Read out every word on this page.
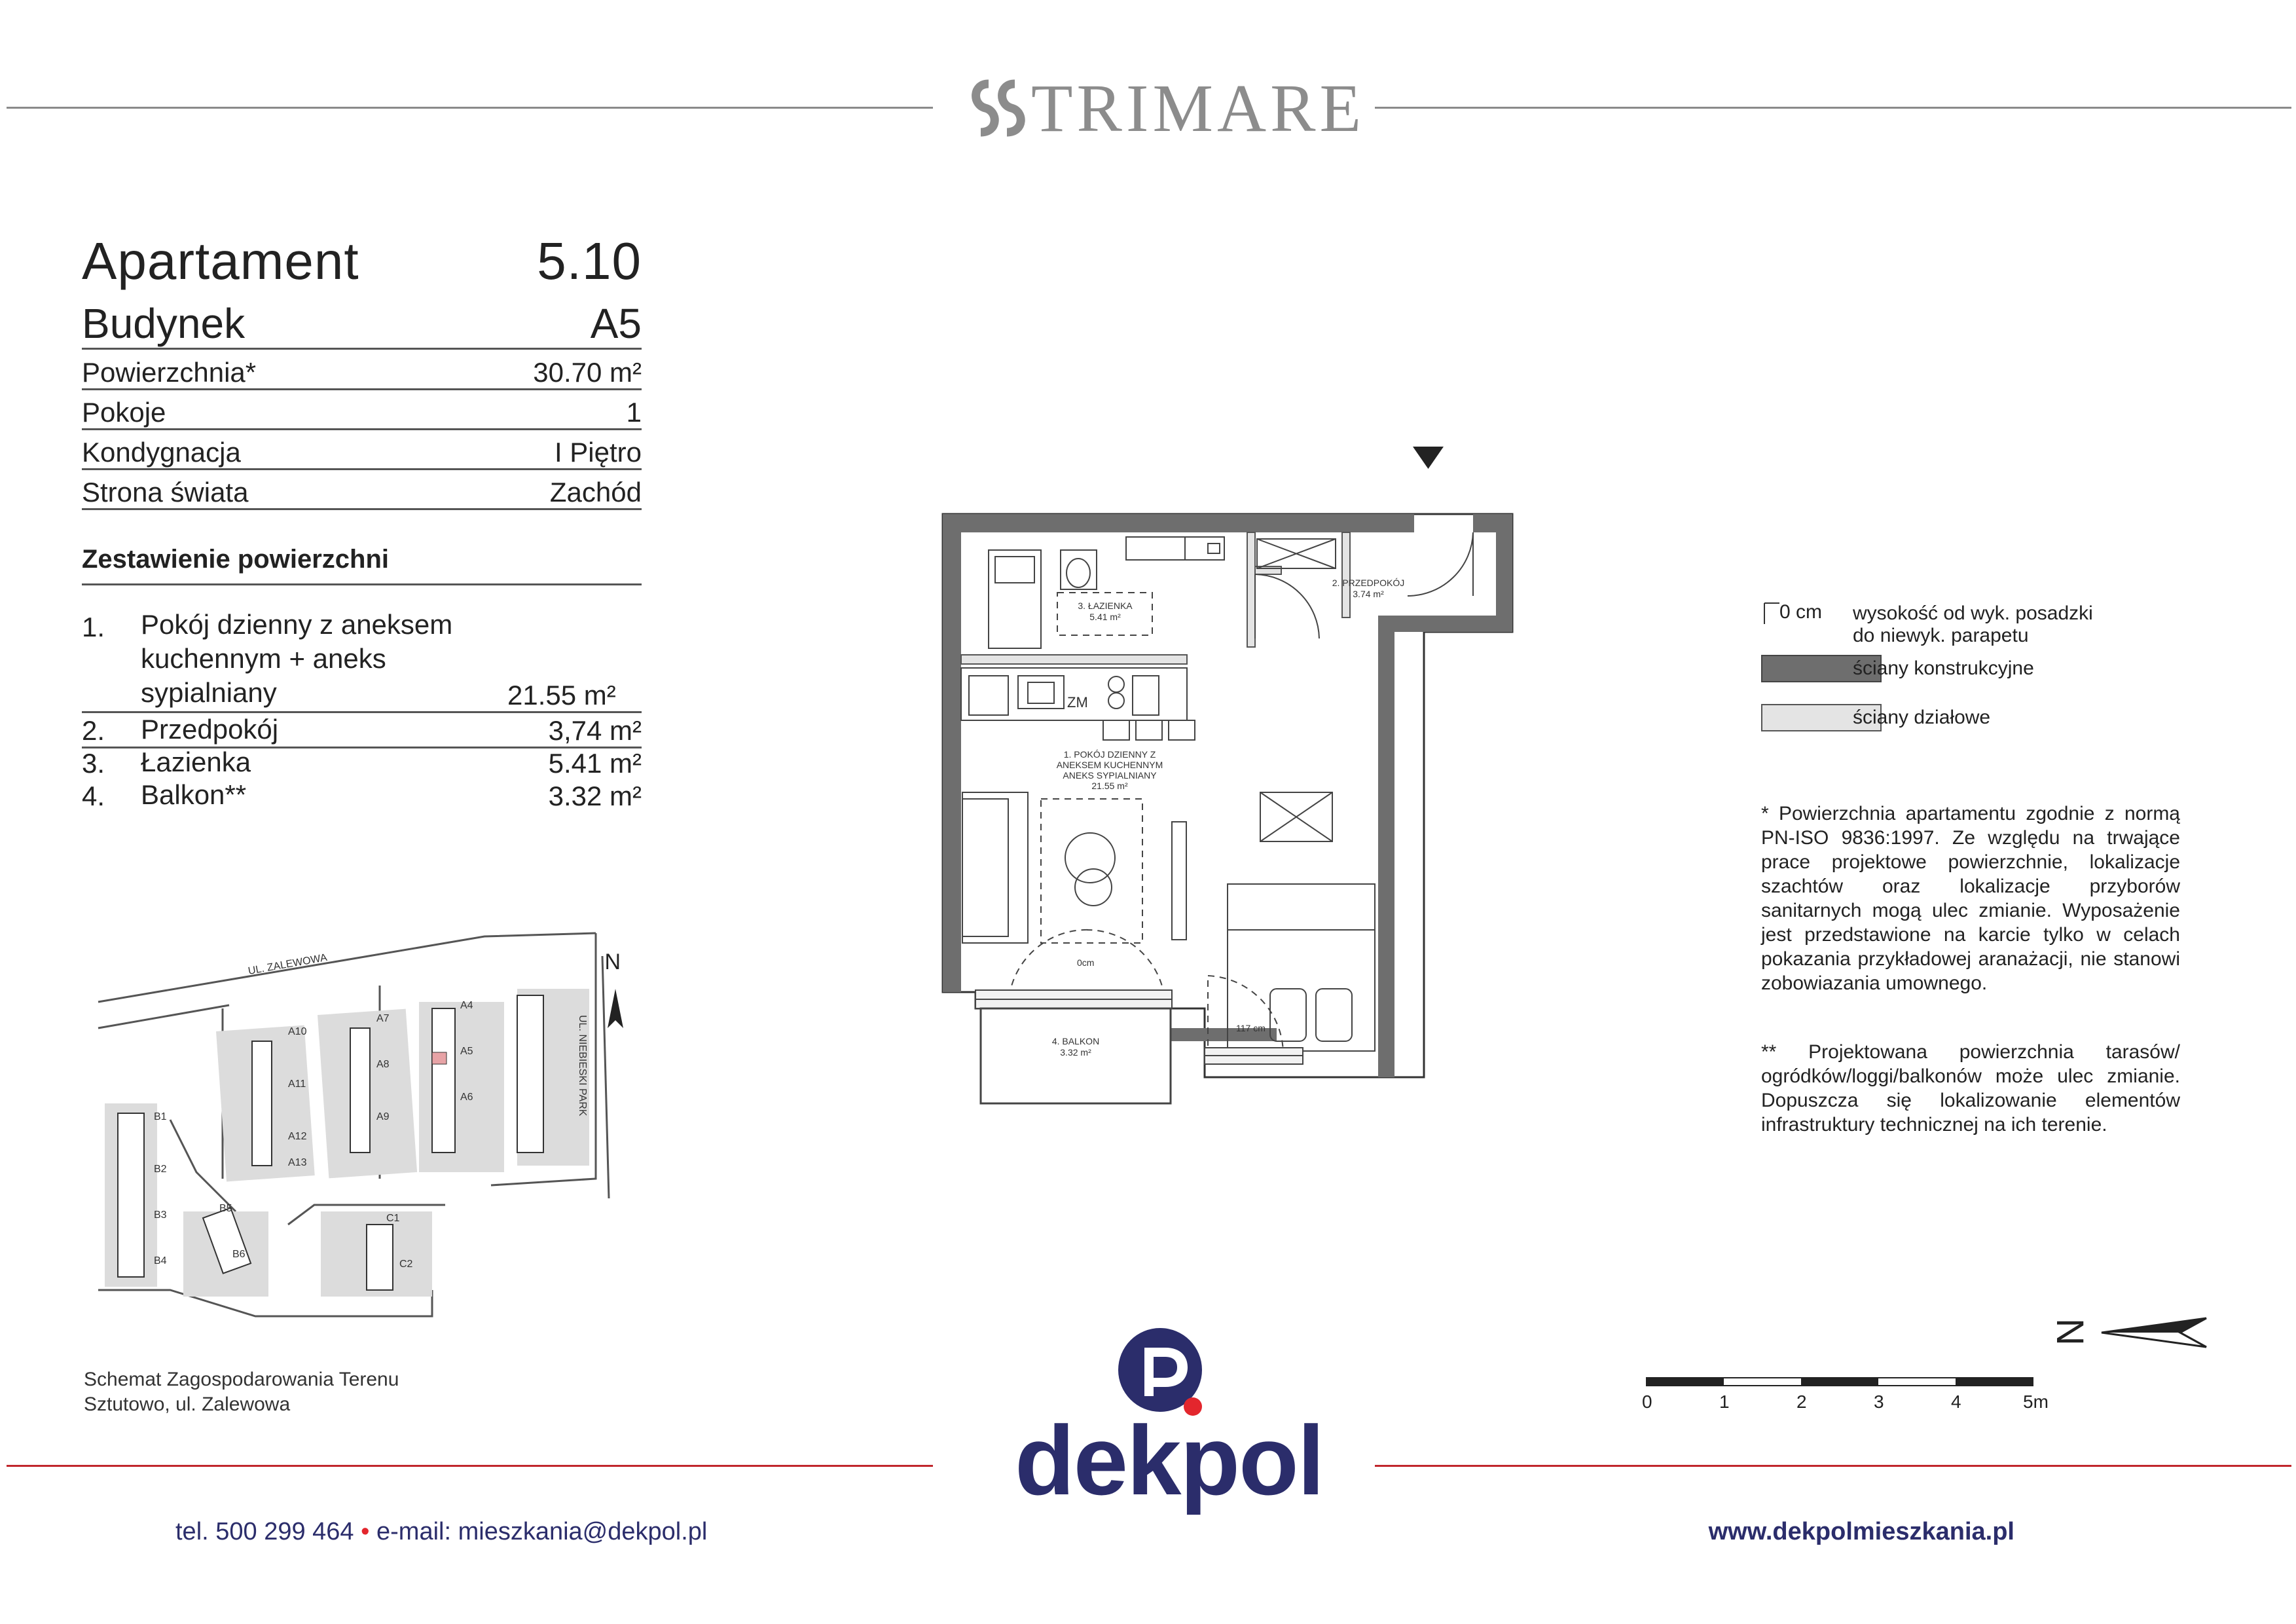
TRIMARE
Apartament	5.10
Budynek	A5
Powierzchnia*	30.70 m²
Pokoje	1
Kondygnacja	I Piętro
Strona świata	Zachód
Zestawienie powierzchni
1.	Pokój dzienny z aneksem kuchennym + aneks sypialniany	21.55 m²
2.	Przedpokój	3,74 m²
3.	Łazienka	5.41 m²
4.	Balkon**	3.32 m²
UL. ZALEWOWA
UL. NIEBIESKI PARK
A4
A5
A6
A7
A8
A9
A10
A11
A12
A13
B1
B2
B3
B4
B5
B6
C1
C2
N
Schemat Zagospodarowania Terenu
Sztutowo, ul. Zalewowa
3. ŁAZIENKA
5.41 m²
2. PRZEDPOKÓJ
3.74 m²
1. POKÓJ DZIENNY Z
ANEKSEM KUCHENNYM
ANEKS SYPIALNIANY
21.55 m²
4. BALKON
3.32 m²
ZM
0cm
117 cm
0 cm wysokość od wyk. posadzki
do niewyk. parapetu
ściany konstrukcyjne
ściany działowe
* Powierzchnia apartamentu zgodnie z normą PN-ISO 9836:1997. Ze względu na trwające prace projektowe powierzchnie, lokalizacje szachtów oraz lokalizacje przyborów sanitarnych mogą ulec zmianie. Wyposażenie jest przedstawione na karcie tylko w celach pokazania przykładowej aranażacji, nie stanowi zobowiazania umownego.
** Projektowana powierzchnia tarasów/ ogródków/loggi/balkonów może ulec zmianie. Dopuszcza się lokalizowanie elementów infrastruktury technicznej na ich terenie.
N
0	1	2	3	4	5m
dekpol
tel. 500 299 464 • e-mail: mieszkania@dekpol.pl	www.dekpolmieszkania.pl
